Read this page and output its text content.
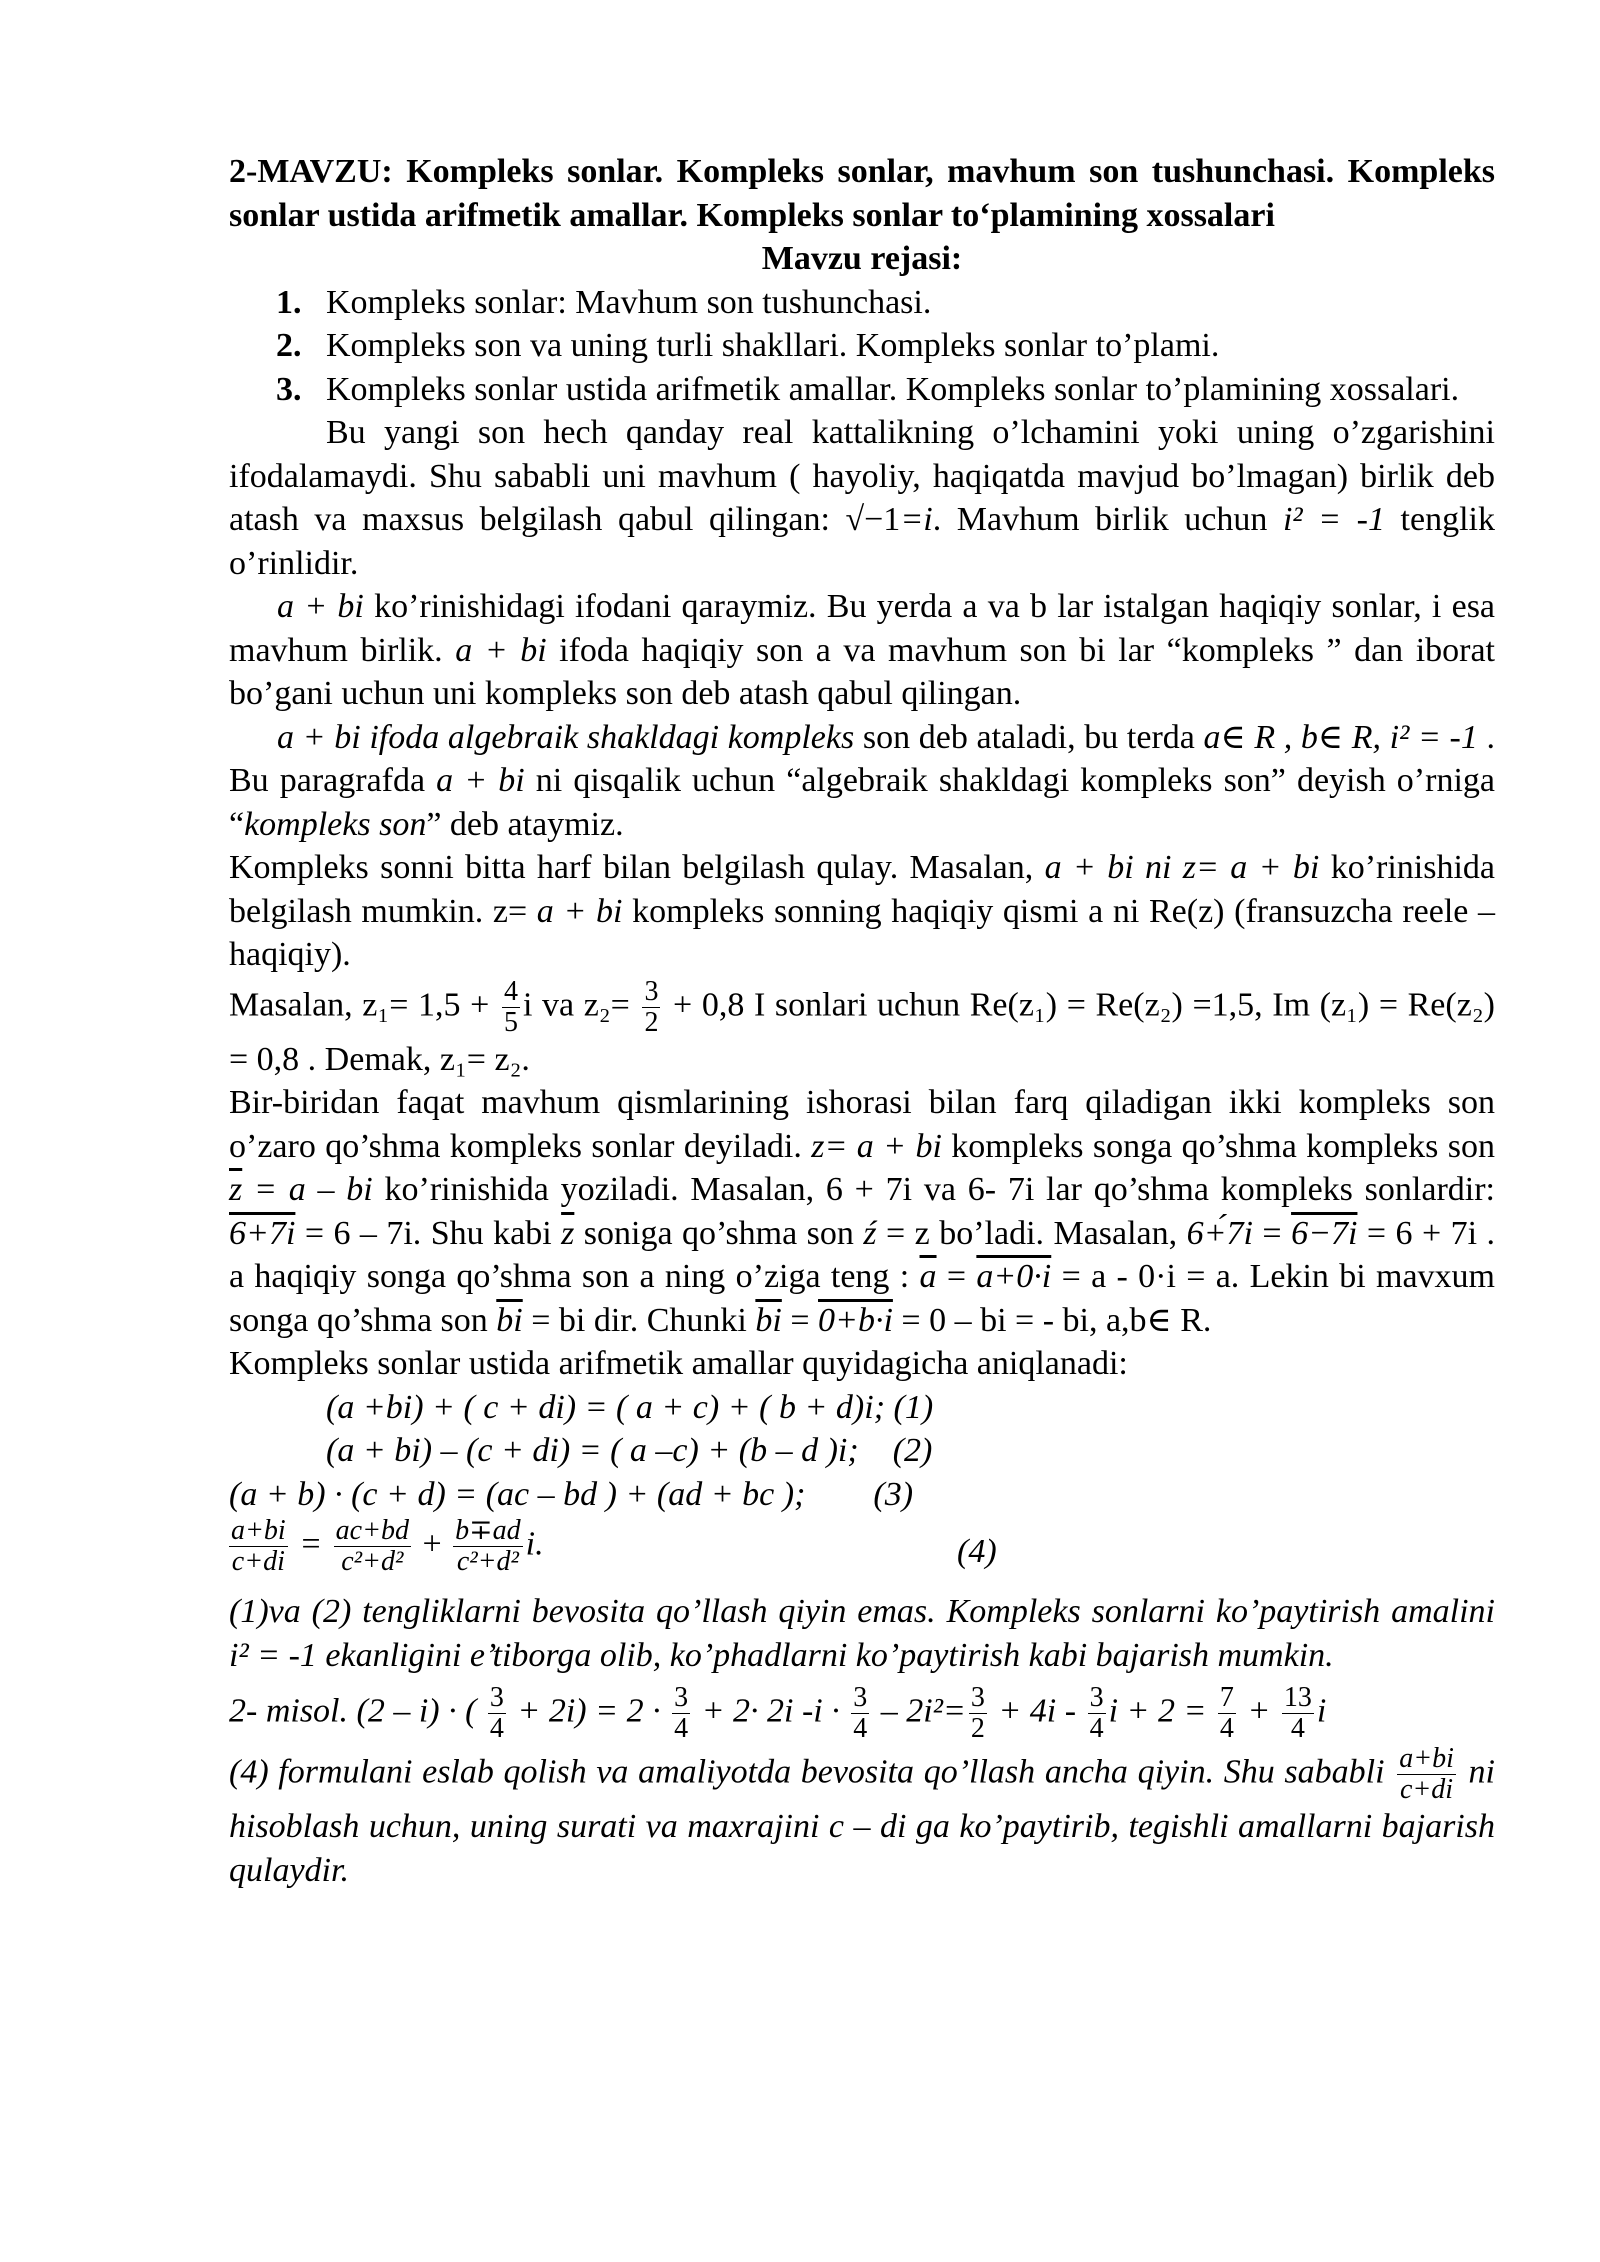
2-MAVZU: Kompleks sonlar. Kompleks sonlar, mavhum son tushunchasi. Kompleks sonlar ustida arifmetik amallar. Kompleks sonlar to‘plamining xossalari
Mavzu rejasi:
1. Kompleks sonlar: Mavhum son tushunchasi.
2. Kompleks son va uning turli shakllari. Kompleks sonlar to’plami.
3. Kompleks sonlar ustida arifmetik amallar. Kompleks sonlar to’plamining xossalari.
Bu yangi son hech qanday real kattalikning o’lchamini yoki uning o’zgarishini ifodalamaydi. Shu sababli uni mavhum ( hayoliy, haqiqatda mavjud bo’lmagan) birlik deb atash va maxsus belgilash qabul qilingan: √−1=i. Mavhum birlik uchun i² = -1 tenglik o’rinlidir.
a + bi ko’rinishidagi ifodani qaraymiz. Bu yerda a va b lar istalgan haqiqiy sonlar, i esa mavhum birlik. a + bi ifoda haqiqiy son a va mavhum son bi lar “kompleks ” dan iborat bo’gani uchun uni kompleks son deb atash qabul qilingan.
a + bi ifoda algebraik shakldagi kompleks son deb ataladi, bu terda a∈ R , b∈ R, i² = -1 . Bu paragrafda a + bi ni qisqalik uchun “algebraik shakldagi kompleks son” deyish o’rniga “kompleks son” deb ataymiz.
Kompleks sonni bitta harf bilan belgilash qulay. Masalan, a + bi ni z= a + bi ko’rinishida belgilash mumkin. z= a + bi kompleks sonning haqiqiy qismi a ni Re(z) (fransuzcha reele – haqiqiy).
Masalan, $z_1= 1,5 + \frac{4}{5}$ i va $z_2= \frac{3}{2} + 0,8$ I sonlari uchun Re(z₁) = Re(z₂) =1,5, Im (z₁) = Re(z₂) = 0,8 . Demak, z₁= z₂.
Bir-biridan faqat mavhum qismlarining ishorasi bilan farq qiladigan ikki kompleks son o’zaro qo’shma kompleks sonlar deyiladi. z= a + bi kompleks songa qo’shma kompleks son $\overline{z} = a$ – bi ko’rinishida yoziladi. Masalan, 6 + 7i va 6- 7i lar qo’shma kompleks sonlardir: 6+7i = 6 – 7i. Shu kabi $\overline{z}$ soniga qo’shma son ź = z bo’ladi. Masalan, 6+́7i = 6−7i = 6 + 7i . a haqiqiy songa qo’shma son a ning o’ziga teng : $\overline{a} = a+0\cdot i = a - 0\cdot i = a$. Lekin bi mavxum songa qo’shma son $\overline{bi}$ = bi dir. Chunki $\overline{bi} = 0+b\cdot i = 0$ – bi = - bi, a,b∈ R.
Kompleks sonlar ustida arifmetik amallar quyidagicha aniqlanadi:
(a +bi) + ( c + di) = ( a + c) + ( b + d)i; (1)
(a + bi) – (c + di) = ( a –c) + (b – d )i;    (2)
(a + b) · (c + d) = (ac – bd ) + (ad + bc );        (3)
$\frac{a+bi}{c+di} = \frac{ac+bd}{\text{c²+d²}} + \frac{b\mp ad}{\text{c²+d²}} i$.	(4)
(1)va (2) tengliklarni bevosita qo’llash qiyin emas. Kompleks sonlarni ko’paytirish amalini i² = -1 ekanligini e’tiborga olib, ko’phadlarni ko’paytirish kabi bajarish mumkin.
2- misol. (2 – i) · ( $\frac{3}{4} + 2i) = 2 \cdot \frac{3}{4} + 2\cdot 2i$ $-i \cdot \frac{3}{4} - 2i^2= \frac{3}{2} + 4i - \frac{3}{4}$ $i + 2 = \frac{7}{4} + \frac{13}{4}$ i
(4) formulani eslab qolish va amaliyotda bevosita qo’llash ancha qiyin. Shu sababli $\frac{a+bi}{c+di}$ ni hisoblash uchun, uning surati va maxrajini c – di ga ko’paytirib, tegishli amallarni bajarish qulaydir.
